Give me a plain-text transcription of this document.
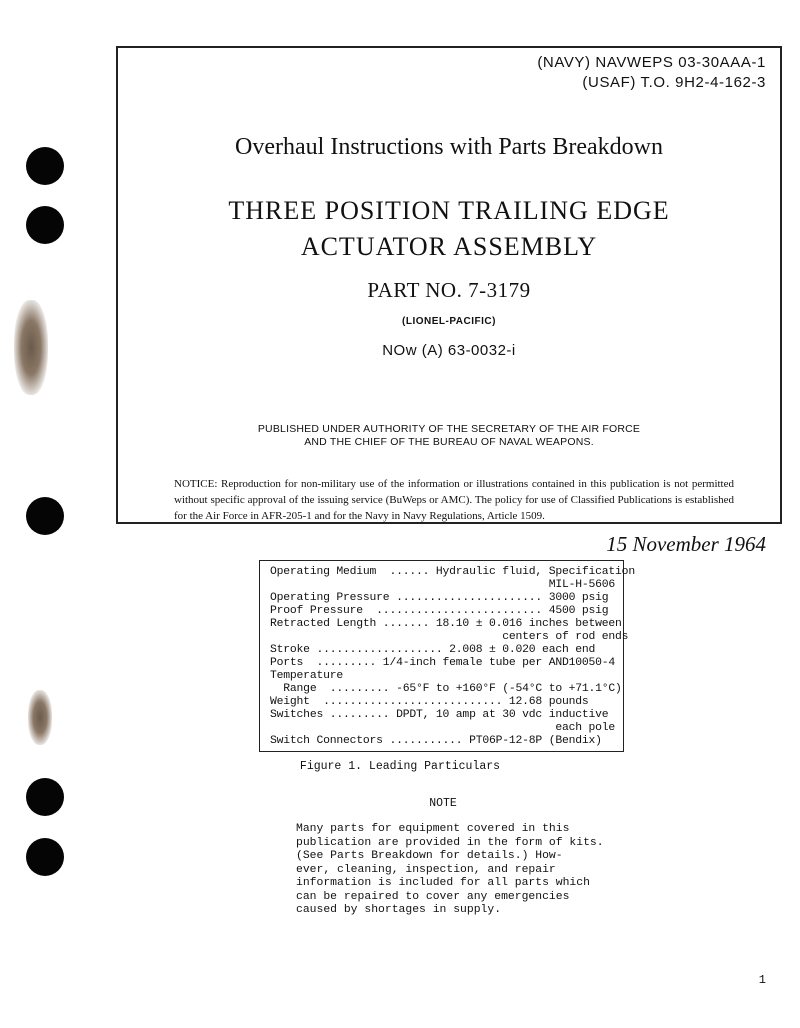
(NAVY) NAVWEPS 03-30AAA-1
(USAF) T.O. 9H2-4-162-3
Overhaul Instructions with Parts Breakdown
THREE POSITION TRAILING EDGE
ACTUATOR ASSEMBLY
PART NO. 7-3179
(LIONEL-PACIFIC)
NOw (A) 63-0032-i
PUBLISHED UNDER AUTHORITY OF THE SECRETARY OF THE AIR FORCE
AND THE CHIEF OF THE BUREAU OF NAVAL WEAPONS.
NOTICE: Reproduction for non-military use of the information or illustrations contained in this publication is not permitted without specific approval of the issuing service (BuWeps or AMC). The policy for use of Classified Publications is established for the Air Force in AFR-205-1 and for the Navy in Navy Regulations, Article 1509.
15 November 1964
Operating Medium  ...... Hydraulic fluid, Specification
MIL-H-5606
Operating Pressure ...................... 3000 psig
Proof Pressure  ......................... 4500 psig
Retracted Length ....... 18.10 ± 0.016 inches between
centers of rod ends
Stroke ................... 2.008 ± 0.020 each end
Ports  ......... 1/4-inch female tube per AND10050-4
Temperature
Range  ......... -65°F to +160°F (-54°C to +71.1°C)
Weight  ........................... 12.68 pounds
Switches ......... DPDT, 10 amp at 30 vdc inductive
each pole
Switch Connectors ........... PT06P-12-8P (Bendix)
Figure 1. Leading Particulars
NOTE
Many parts for equipment covered in this
publication are provided in the form of kits.
(See Parts Breakdown for details.) How-
ever, cleaning, inspection, and repair
information is included for all parts which
can be repaired to cover any emergencies
caused by shortages in supply.
1
